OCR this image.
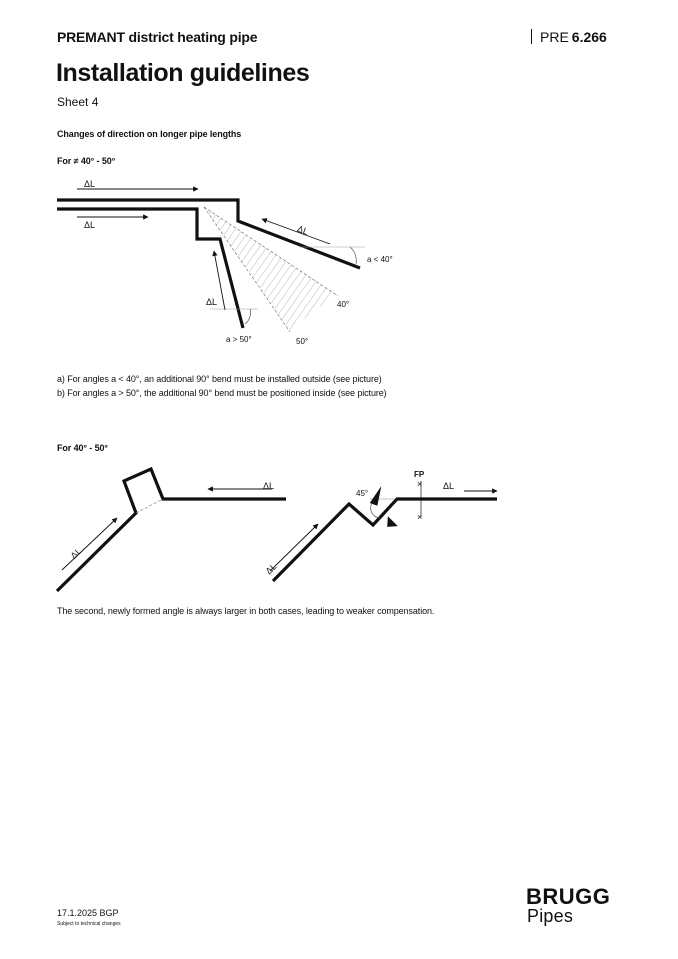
PREMANT district heating pipe	PRE 6.266
Installation guidelines
Sheet 4
Changes of direction on longer pipe lengths
For ≠ 40° - 50°
ΔL
ΔL	ΔL
ΔL
a < 40°
a > 50°
40°
50°
ΔL
ΔL
×
×
FP
45°
ΔL
ΔL
a) For angles a < 40°, an additional 90° bend must be installed outside (see picture)
b) For angles a > 50°, the additional 90° bend must be positioned inside (see picture)
For 40° - 50°
The second, newly formed angle is always larger in both cases, leading to weaker compensation.
17.1.2025 BGP
Subject to technical changes
BRUGG
Pipes
